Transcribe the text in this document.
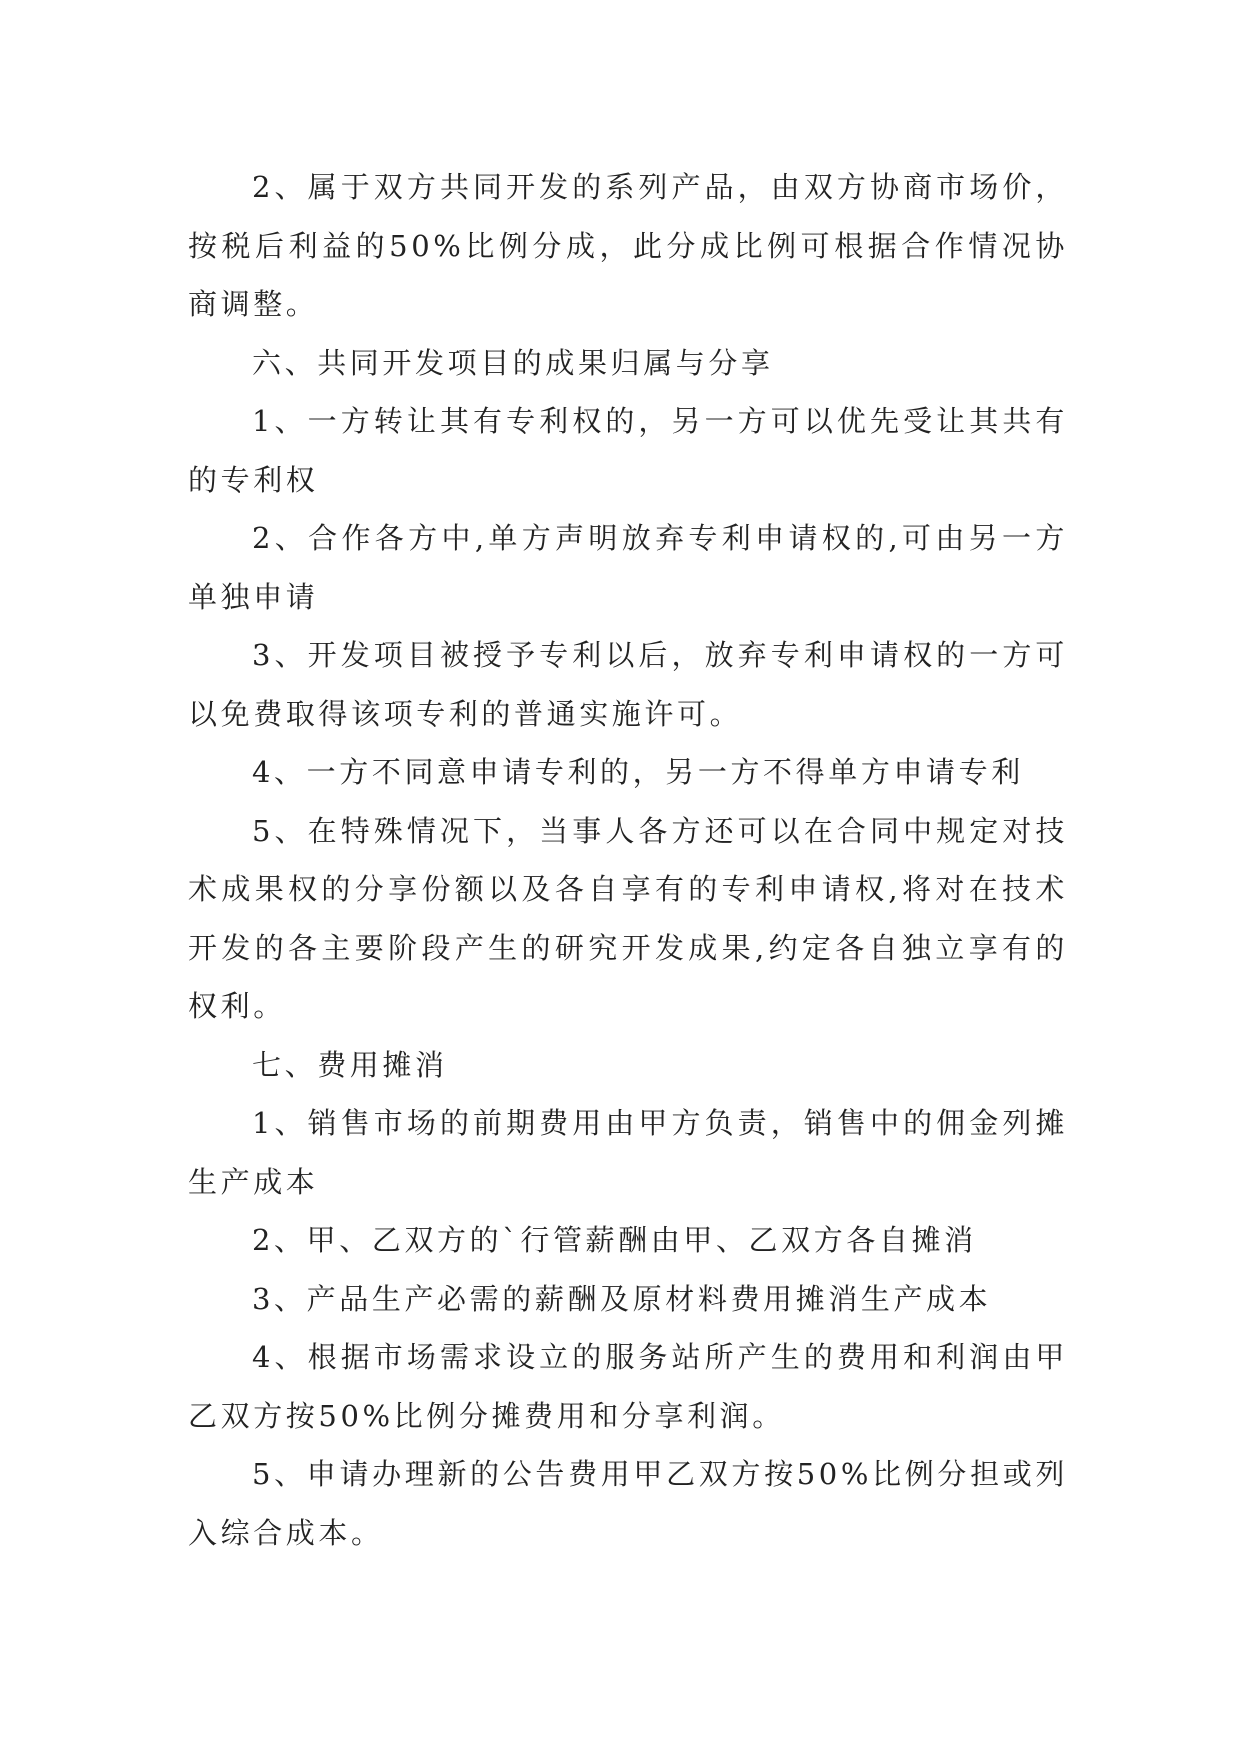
2、属于双方共同开发的系列产品，由双方协商市场价，按税后利益的50%比例分成，此分成比例可根据合作情况协商调整。

六、共同开发项目的成果归属与分享

1、一方转让其有专利权的，另一方可以优先受让其共有的专利权

2、合作各方中,单方声明放弃专利申请权的,可由另一方单独申请

3、开发项目被授予专利以后，放弃专利申请权的一方可以免费取得该项专利的普通实施许可。

4、一方不同意申请专利的，另一方不得单方申请专利

5、在特殊情况下，当事人各方还可以在合同中规定对技术成果权的分享份额以及各自享有的专利申请权,将对在技术开发的各主要阶段产生的研究开发成果,约定各自独立享有的权利。

七、费用摊消

1、销售市场的前期费用由甲方负责，销售中的佣金列摊生产成本

2、甲、乙双方的`行管薪酬由甲、乙双方各自摊消

3、产品生产必需的薪酬及原材料费用摊消生产成本

4、根据市场需求设立的服务站所产生的费用和利润由甲乙双方按50%比例分摊费用和分享利润。

5、申请办理新的公告费用甲乙双方按50%比例分担或列入综合成本。
